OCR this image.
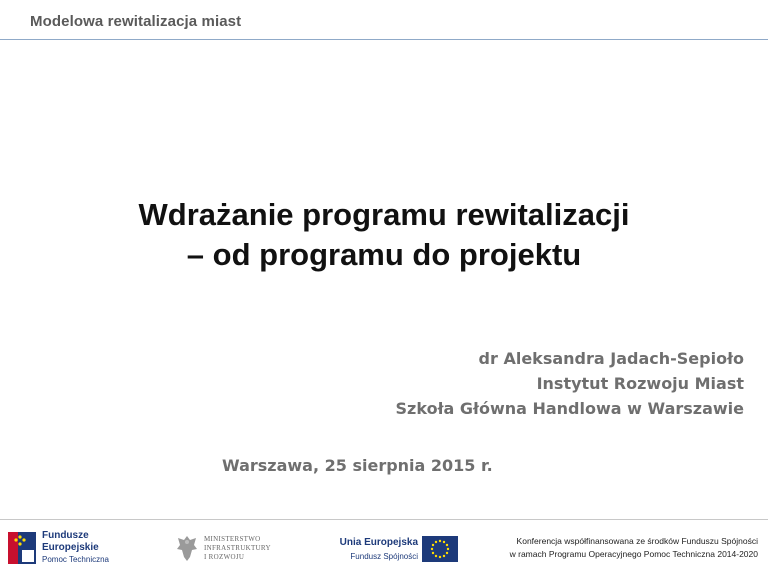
Modelowa rewitalizacja miast
Wdrażanie programu rewitalizacji
– od programu do projektu
dr Aleksandra Jadach-Sepioło
Instytut Rozwoju Miast
Szkoła Główna Handlowa w Warszawie
Warszawa, 25 sierpnia 2015 r.
Fundusze
Europejskie
Pomoc Techniczna
MINISTERSTWO
INFRASTRUKTURY
I ROZWOJU
Unia Europejska
Fundusz Spójności
Konferencja współfinansowana ze środków Funduszu Spójności
w ramach Programu Operacyjnego Pomoc Techniczna 2014-2020
